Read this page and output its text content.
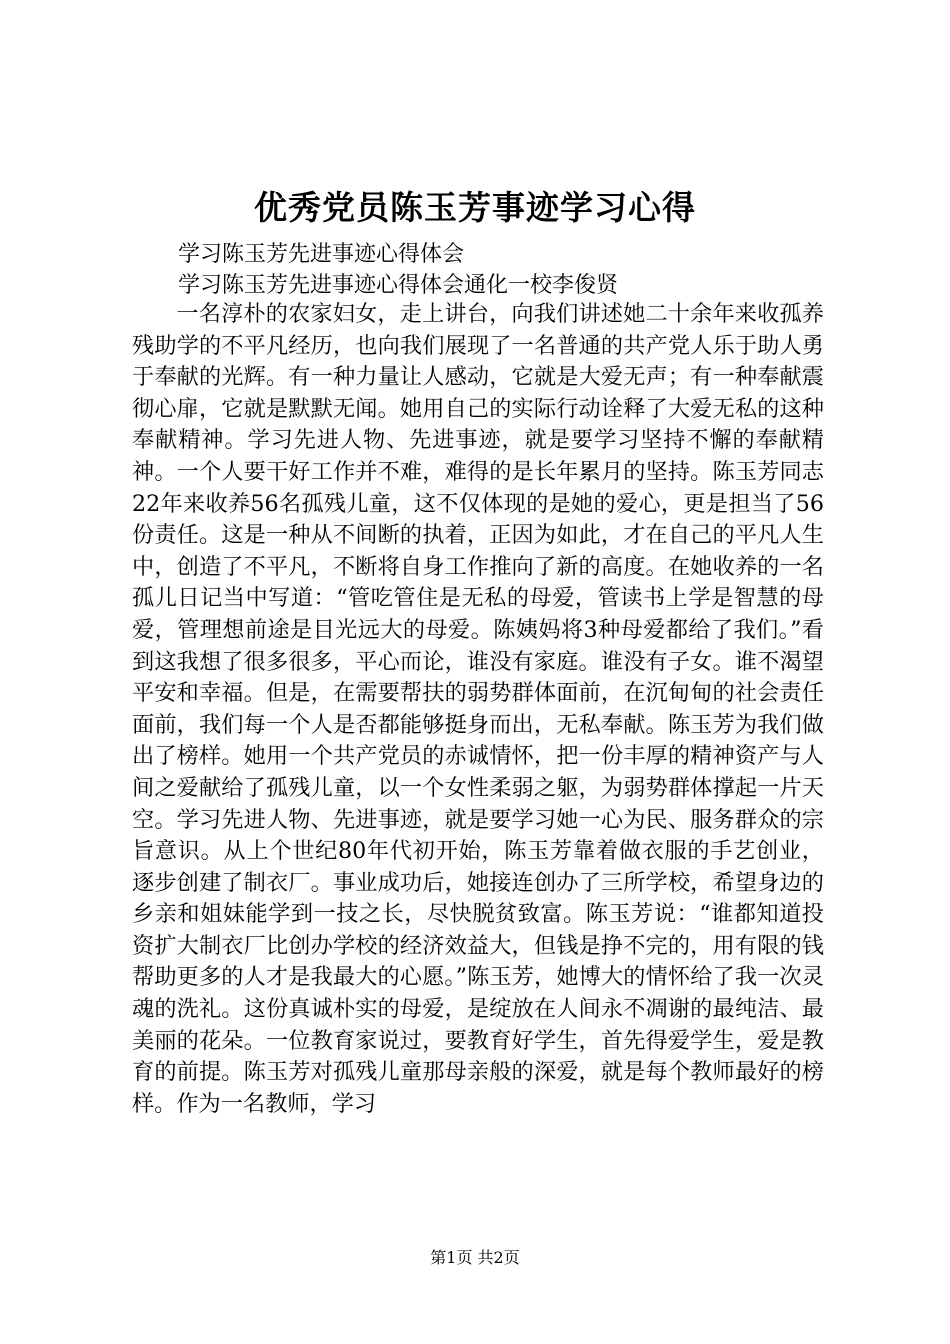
优秀党员陈玉芳事迹学习心得

学习陈玉芳先进事迹心得体会

学习陈玉芳先进事迹心得体会通化一校李俊贤

一名淳朴的农家妇女，走上讲台，向我们讲述她二十余年来收孤养残助学的不平凡经历，也向我们展现了一名普通的共产党人乐于助人勇于奉献的光辉。有一种力量让人感动，它就是大爱无声；有一种奉献震彻心扉，它就是默默无闻。她用自己的实际行动诠释了大爱无私的这种奉献精神。学习先进人物、先进事迹，就是要学习坚持不懈的奉献精神。一个人要干好工作并不难，难得的是长年累月的坚持。陈玉芳同志22年来收养56名孤残儿童，这不仅体现的是她的爱心，更是担当了56份责任。这是一种从不间断的执着，正因为如此，才在自己的平凡人生中，创造了不平凡，不断将自身工作推向了新的高度。在她收养的一名孤儿日记当中写道：“管吃管住是无私的母爱，管读书上学是智慧的母爱，管理想前途是目光远大的母爱。陈姨妈将3种母爱都给了我们。”看到这我想了很多很多，平心而论，谁没有家庭。谁没有子女。谁不渴望平安和幸福。但是，在需要帮扶的弱势群体面前，在沉甸甸的社会责任面前，我们每一个人是否都能够挺身而出，无私奉献。陈玉芳为我们做出了榜样。她用一个共产党员的赤诚情怀，把一份丰厚的精神资产与人间之爱献给了孤残儿童，以一个女性柔弱之躯，为弱势群体撑起一片天空。学习先进人物、先进事迹，就是要学习她一心为民、服务群众的宗旨意识。从上个世纪80年代初开始，陈玉芳靠着做衣服的手艺创业，逐步创建了制衣厂。事业成功后，她接连创办了三所学校，希望身边的乡亲和姐妹能学到一技之长，尽快脱贫致富。陈玉芳说：“谁都知道投资扩大制衣厂比创办学校的经济效益大，但钱是挣不完的，用有限的钱帮助更多的人才是我最大的心愿。”陈玉芳，她博大的情怀给了我一次灵魂的洗礼。这份真诚朴实的母爱，是绽放在人间永不凋谢的最纯洁、最美丽的花朵。一位教育家说过，要教育好学生，首先得爱学生，爱是教育的前提。陈玉芳对孤残儿童那母亲般的深爱，就是每个教师最好的榜样。作为一名教师，学习

第1页 共2页
